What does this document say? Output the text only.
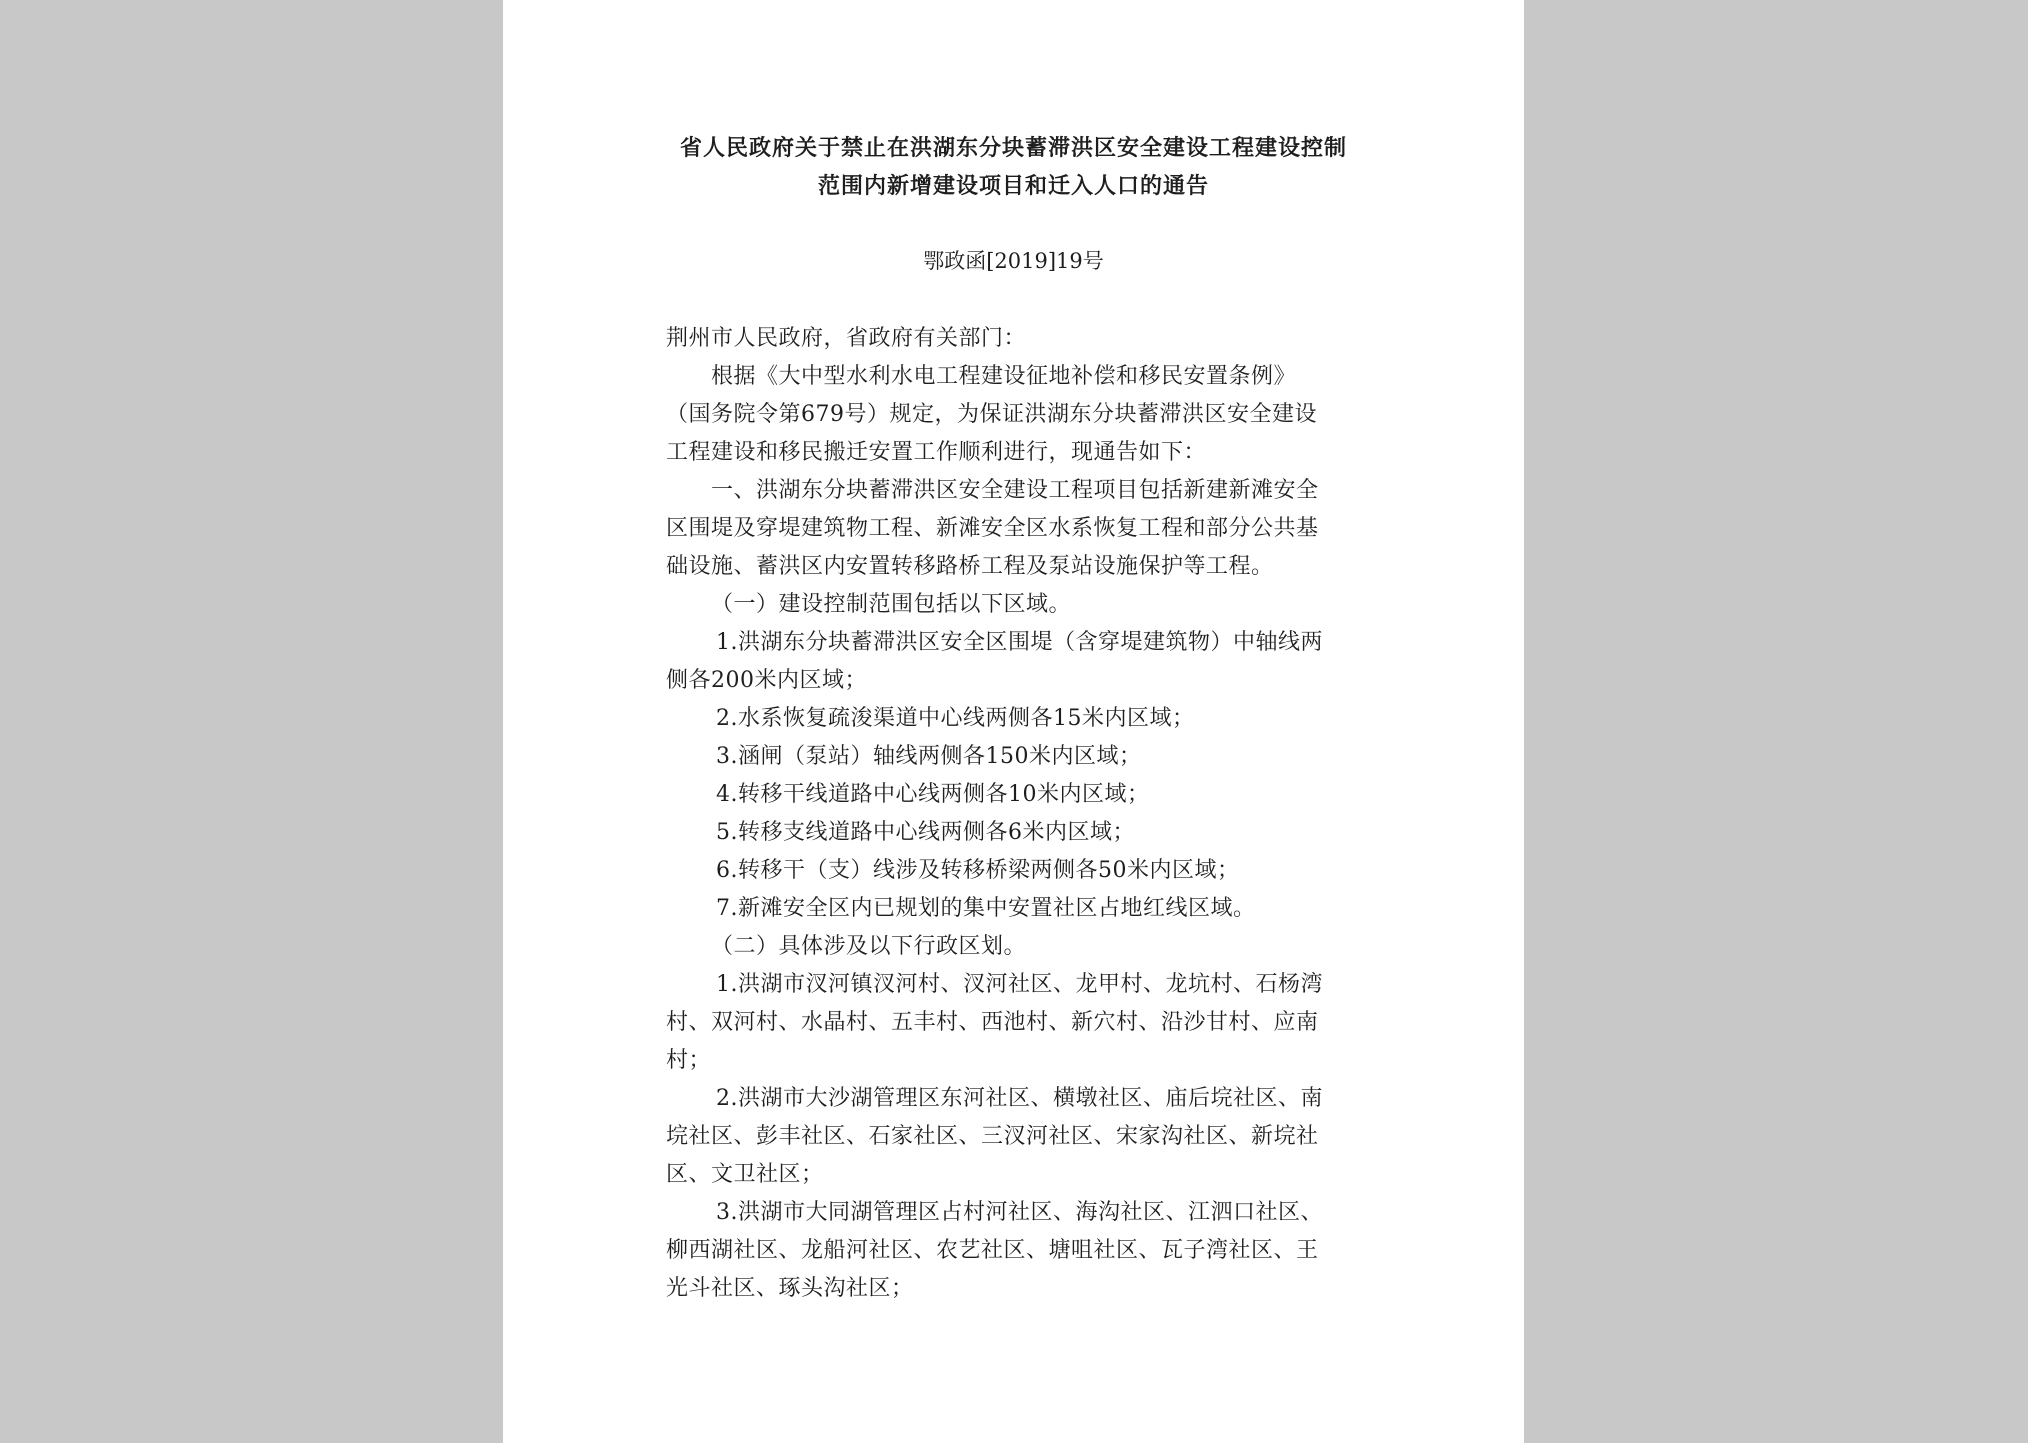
省人民政府关于禁止在洪湖东分块蓄滞洪区安全建设工程建设控制
范围内新增建设项目和迁入人口的通告
鄂政函[2019]19号
荆州市人民政府，省政府有关部门：
根据《大中型水利水电工程建设征地补偿和移民安置条例》
（国务院令第679号）规定，为保证洪湖东分块蓄滞洪区安全建设
工程建设和移民搬迁安置工作顺利进行，现通告如下：
一、洪湖东分块蓄滞洪区安全建设工程项目包括新建新滩安全
区围堤及穿堤建筑物工程、新滩安全区水系恢复工程和部分公共基
础设施、蓄洪区内安置转移路桥工程及泵站设施保护等工程。
（一）建设控制范围包括以下区域。
1.洪湖东分块蓄滞洪区安全区围堤（含穿堤建筑物）中轴线两
侧各200米内区域；
2.水系恢复疏浚渠道中心线两侧各15米内区域；
3.涵闸（泵站）轴线两侧各150米内区域；
4.转移干线道路中心线两侧各10米内区域；
5.转移支线道路中心线两侧各6米内区域；
6.转移干（支）线涉及转移桥梁两侧各50米内区域；
7.新滩安全区内已规划的集中安置社区占地红线区域。
（二）具体涉及以下行政区划。
1.洪湖市汊河镇汊河村、汊河社区、龙甲村、龙坑村、石杨湾
村、双河村、水晶村、五丰村、西池村、新穴村、沿沙甘村、应南
村；
2.洪湖市大沙湖管理区东河社区、横墩社区、庙后垸社区、南
垸社区、彭丰社区、石家社区、三汊河社区、宋家沟社区、新垸社
区、文卫社区；
3.洪湖市大同湖管理区占村河社区、海沟社区、江泗口社区、
柳西湖社区、龙船河社区、农艺社区、塘咀社区、瓦子湾社区、王
光斗社区、琢头沟社区；
